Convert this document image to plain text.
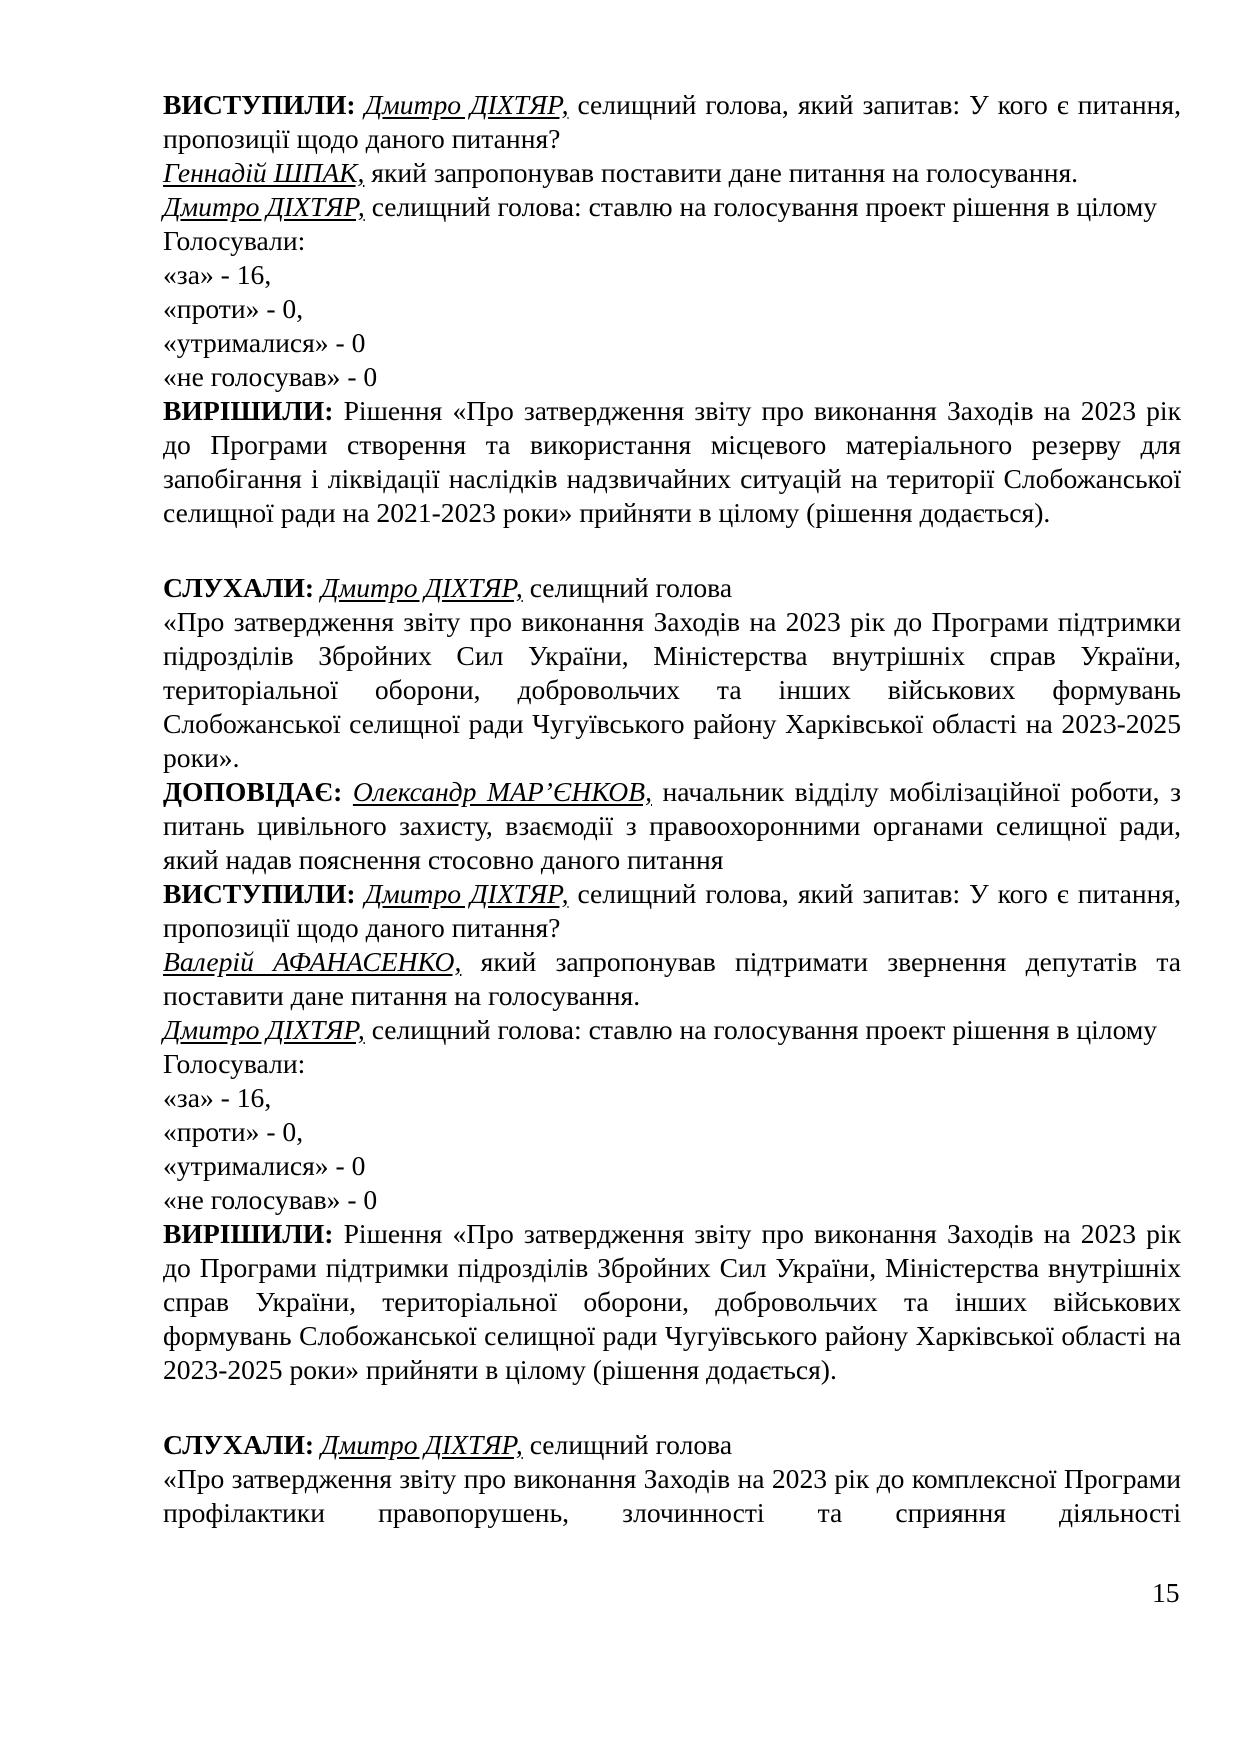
ВИСТУПИЛИ: Дмитро ДІХТЯР, селищний голова, який запитав: У кого є питання, пропозиції щодо даного питання?

Геннадій ШПАК, який запропонував поставити дане питання на голосування.

Дмитро ДІХТЯР, селищний голова: ставлю на голосування проект рішення в цілому

Голосували:

«за» - 16,

«проти» - 0,

«утрималися» - 0

«не голосував» - 0

ВИРІШИЛИ: Рішення «Про затвердження звіту про виконання Заходів на 2023 рік до Програми створення та використання місцевого матеріального резерву для запобігання і ліквідації наслідків надзвичайних ситуацій на території Слобожанської селищної ради на 2021-2023 роки» прийняти в цілому (рішення додається).

СЛУХАЛИ: Дмитро ДІХТЯР, селищний голова

«Про затвердження звіту про виконання Заходів на 2023 рік до Програми підтримки підрозділів Збройних Сил України, Міністерства внутрішніх справ України, територіальної оборони, добровольчих та інших військових формувань Слобожанської селищної ради Чугуївського району Харківської області на 2023-2025 роки».

ДОПОВІДАЄ: Олександр МАР’ЄНКОВ, начальник відділу мобілізаційної роботи, з питань цивільного захисту, взаємодії з правоохоронними органами селищної ради, який надав пояснення стосовно даного питання

ВИСТУПИЛИ: Дмитро ДІХТЯР, селищний голова, який запитав: У кого є питання, пропозиції щодо даного питання?

Валерій АФАНАСЕНКО, який запропонував підтримати звернення депутатів та поставити дане питання на голосування.

Дмитро ДІХТЯР, селищний голова: ставлю на голосування проект рішення в цілому

Голосували:

«за» - 16,

«проти» - 0,

«утрималися» - 0

«не голосував» - 0

ВИРІШИЛИ: Рішення «Про затвердження звіту про виконання Заходів на 2023 рік до Програми підтримки підрозділів Збройних Сил України, Міністерства внутрішніх справ України, територіальної оборони, добровольчих та інших військових формувань Слобожанської селищної ради Чугуївського району Харківської області на 2023-2025 роки» прийняти в цілому (рішення додається).

СЛУХАЛИ: Дмитро ДІХТЯР, селищний голова

«Про затвердження звіту про виконання Заходів на 2023 рік до комплексної Програми профілактики правопорушень, злочинності та сприяння діяльності

15
